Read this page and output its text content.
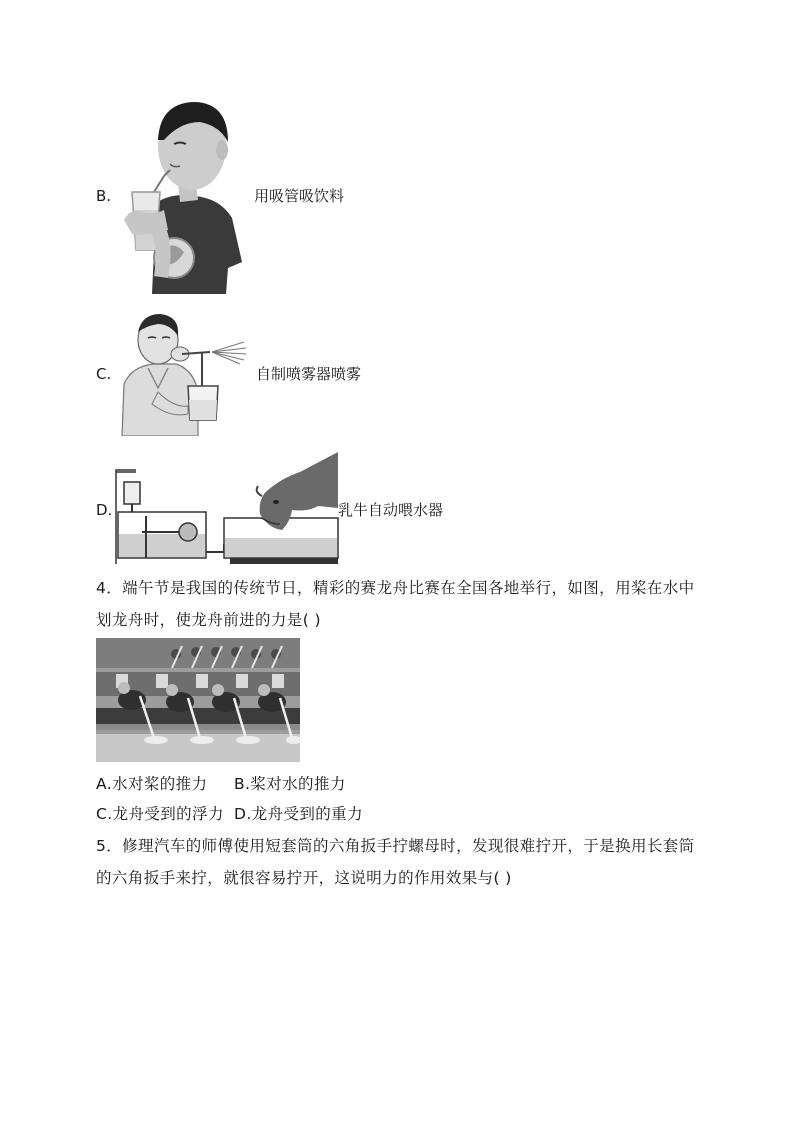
B.	用吸管吸饮料
C.	自制喷雾器喷雾
D.	乳牛自动喂水器
4．端午节是我国的传统节日，精彩的赛龙舟比赛在全国各地举行，如图，用桨在水中
划龙舟时，使龙舟前进的力是( )
A.水对桨的推力 B.桨对水的推力
C.龙舟受到的浮力 D.龙舟受到的重力
5．修理汽车的师傅使用短套筒的六角扳手拧螺母时，发现很难拧开，于是换用长套筒
的六角扳手来拧，就很容易拧开，这说明力的作用效果与( )
